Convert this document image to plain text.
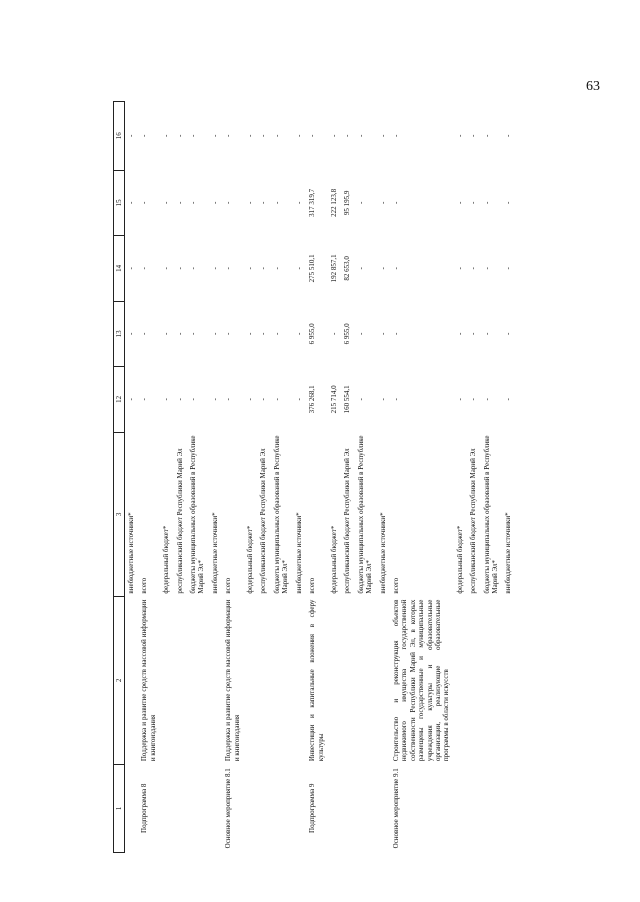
63
1	2	3	12	13	14	15	16
		внебюджетные источники*	-	-	-	-	-
Подпрограмма 8	Поддержка и развитие средств массовой информации и книгоиздания	всего	-	-	-	-	-
		федеральный бюджет*	-	-	-	-	-
		республиканский бюджет Республики Марий Эл	-	-	-	-	-
		бюджеты муниципальных образований в Республике Марий Эл*	-	-	-	-	-
		внебюджетные источники*	-	-	-	-	-
Основное мероприятие 8.1	Поддержка и развитие средств массовой информации и книгоиздания	всего	-	-	-	-	-
		федеральный бюджет*	-	-	-	-	-
		республиканский бюджет Республики Марий Эл	-	-	-	-	-
		бюджеты муниципальных образований в Республике Марий Эл*	-	-	-	-	-
		внебюджетные источники*	-	-	-	-	-
Подпрограмма 9	Инвестиции и капитальные вложения в сферу культуры	всего	376 268,1	6 955,0	275 510,1	317 319,7	-
		федеральный бюджет*	215 714,0	-	192 857,1	222 123,8	-
		республиканский бюджет Республики Марий Эл	160 554,1	6 955,0	82 653,0	95 195,9	-
		бюджеты муниципальных образований в Республике Марий Эл*	-	-	-	-	-
		внебюджетные источники*	-	-	-	-	-
Основное мероприятие 9.1	Строительство и реконструкция объектов недвижимого имущества государственной собственности Республики Марий Эл, в которых размещены государственные и муниципальные учреждения культуры и образовательные организации, реализующие образовательные программы в области искусств	всего	-	-	-	-	-
		федеральный бюджет*	-	-	-	-	-
		республиканский бюджет Республики Марий Эл	-	-	-	-	-
		бюджеты муниципальных образований в Республике Марий Эл*	-	-	-	-	-
		внебюджетные источники*	-	-	-	-	-
